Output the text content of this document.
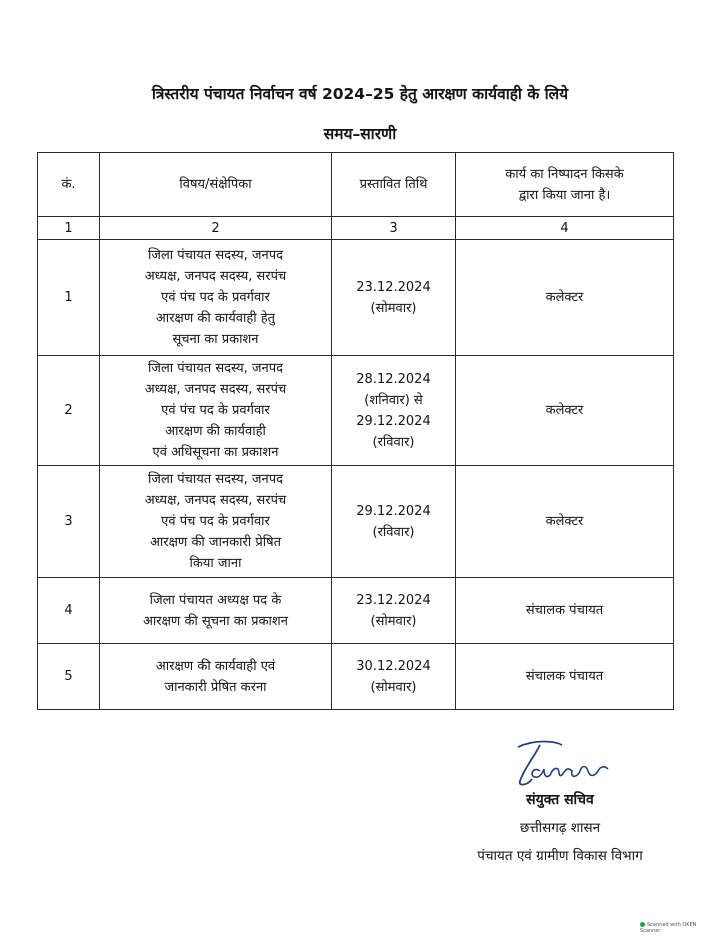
त्रिस्तरीय पंचायत निर्वाचन वर्ष 2024–25 हेतु आरक्षण कार्यवाही के लिये
समय–सारणी
कं.	विषय/संक्षेपिका	प्रस्तावित तिथि	कार्य का निष्पादन किसके
द्वारा किया जाना है।

1	2	3	4
1	जिला पंचायत सदस्य, जनपद
अध्यक्ष, जनपद सदस्य, सरपंच
एवं पंच पद के प्रवर्गवार
आरक्षण की कार्यवाही हेतु
सूचना का प्रकाशन	23.12.2024
(सोमवार)	कलेक्टर
2	जिला पंचायत सदस्य, जनपद
अध्यक्ष, जनपद सदस्य, सरपंच
एवं पंच पद के प्रवर्गवार
आरक्षण की कार्यवाही
एवं अधिसूचना का प्रकाशन	28.12.2024
(शनिवार) से
29.12.2024
(रविवार)	कलेक्टर
3	जिला पंचायत सदस्य, जनपद
अध्यक्ष, जनपद सदस्य, सरपंच
एवं पंच पद के प्रवर्गवार
आरक्षण की जानकारी प्रेषित
किया जाना	29.12.2024
(रविवार)	कलेक्टर
4	जिला पंचायत अध्यक्ष पद के
आरक्षण की सूचना का प्रकाशन	23.12.2024
(सोमवार)	संचालक पंचायत
5	आरक्षण की कार्यवाही एवं
जानकारी प्रेषित करना	30.12.2024
(सोमवार)	संचालक पंचायत
संयुक्त सचिव
छत्तीसगढ़ शासन
पंचायत एवं ग्रामीण विकास विभाग
Scanned with OKEN Scanner
